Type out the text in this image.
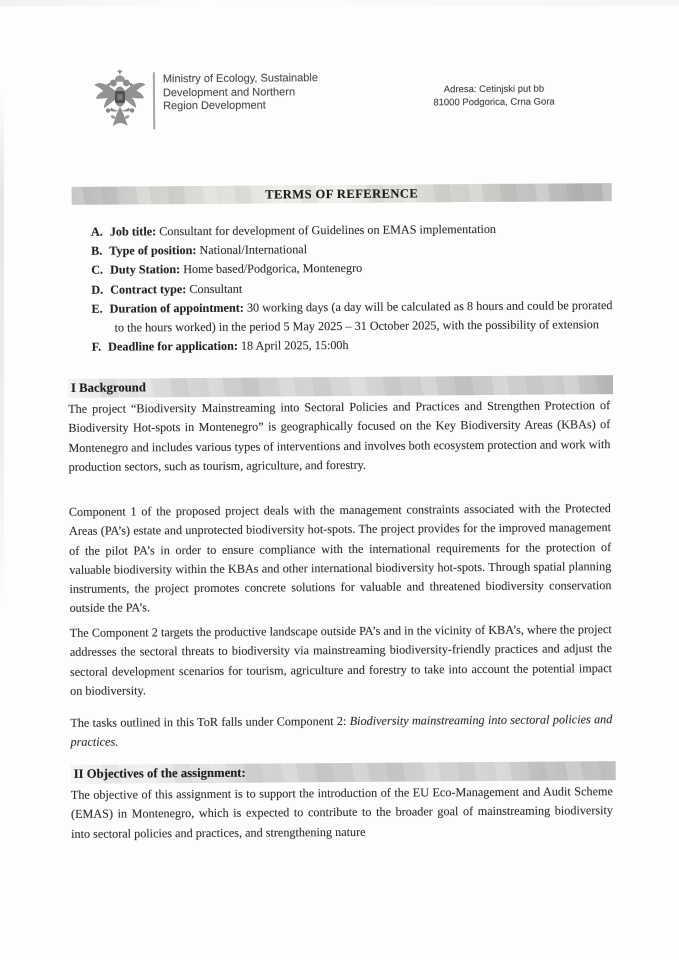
Ministry of Ecology, Sustainable
Development and Northern
Region Development
Adresa: Cetinjski put bb
81000 Podgorica, Crna Gora
TERMS OF REFERENCE
A. Job title: Consultant for development of Guidelines on EMAS implementation
B. Type of position: National/International
C. Duty Station: Home based/Podgorica, Montenegro
D. Contract type: Consultant
E. Duration of appointment: 30 working days (a day will be calculated as 8 hours and could be prorated to the hours worked) in the period 5 May 2025 – 31 October 2025, with the possibility of extension
F. Deadline for application: 18 April 2025, 15:00h
I Background

The project “Biodiversity Mainstreaming into Sectoral Policies and Practices and Strengthen Protection of Biodiversity Hot-spots in Montenegro” is geographically focused on the Key Biodiversity Areas (KBAs) of Montenegro and includes various types of interventions and involves both ecosystem protection and work with production sectors, such as tourism, agriculture, and forestry.

Component 1 of the proposed project deals with the management constraints associated with the Protected Areas (PA’s) estate and unprotected biodiversity hot-spots. The project provides for the improved management of the pilot PA’s in order to ensure compliance with the international requirements for the protection of valuable biodiversity within the KBAs and other international biodiversity hot-spots. Through spatial planning instruments, the project promotes concrete solutions for valuable and threatened biodiversity conservation outside the PA’s.

The Component 2 targets the productive landscape outside PA’s and in the vicinity of KBA’s, where the project addresses the sectoral threats to biodiversity via mainstreaming biodiversity-friendly practices and adjust the sectoral development scenarios for tourism, agriculture and forestry to take into account the potential impact on biodiversity.

The tasks outlined in this ToR falls under Component 2: Biodiversity mainstreaming into sectoral policies and practices.

II Objectives of the assignment:

The objective of this assignment is to support the introduction of the EU Eco-Management and Audit Scheme (EMAS) in Montenegro, which is expected to contribute to the broader goal of mainstreaming biodiversity into sectoral policies and practices, and strengthening nature
